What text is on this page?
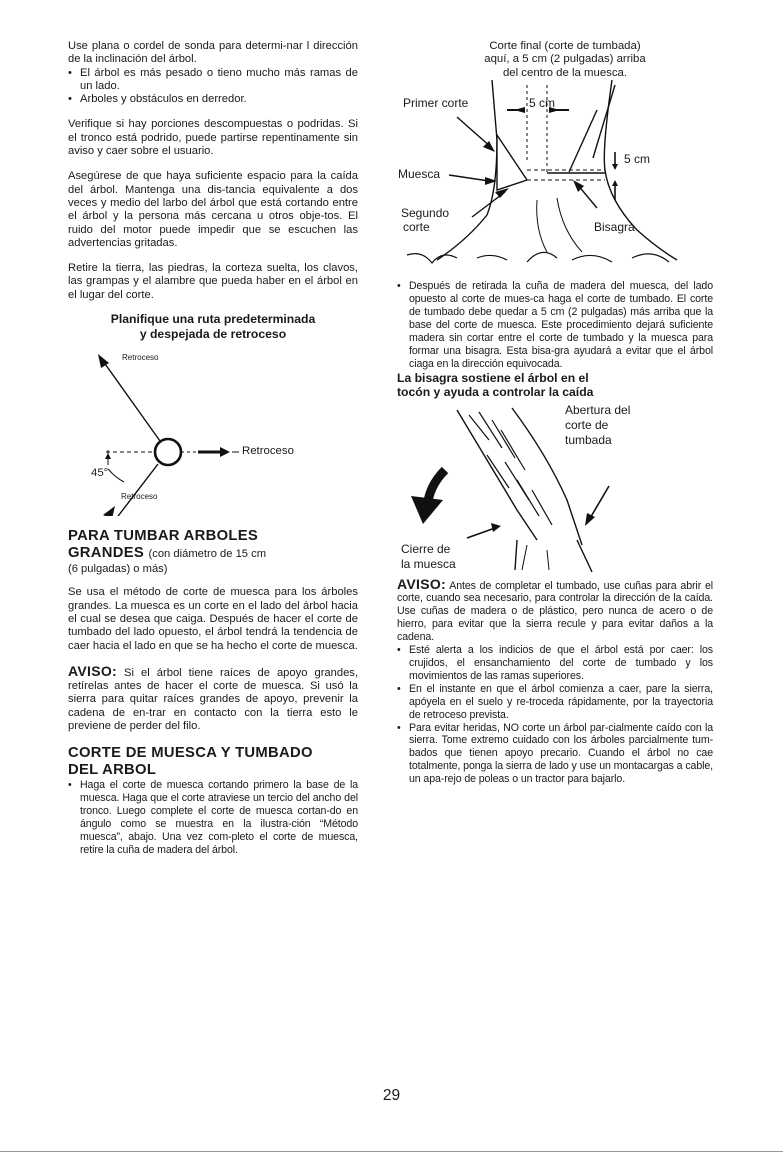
Use plana o cordel de sonda para determi-nar l dirección de la inclinación del árbol.

• El árbol es más pesado o tieno mucho más ramas de un lado.
• Arboles y obstáculos en derredor.

Verifique si hay porciones descompuestas o podridas. Si el tronco está podrido, puede partirse repentinamente sin aviso y caer sobre el usuario.

Asegúrese de que haya suficiente espacio para la caída del árbol. Mantenga una dis-tancia equivalente a dos veces y medio del larbo del árbol que está cortando entre el árbol y la persona más cercana u otros obje-tos. El ruido del motor puede impedir que se escuchen las advertencias gritadas.

Retire la tierra, las piedras, la corteza suelta, los clavos, las grampas y el alambre que pueda haber en el árbol en el lugar del corte.

Planifique una ruta predeterminada
y despejada de retroceso
Retroceso
Retroceso
45°
Retroceso
PARA TUMBAR ARBOLES
GRANDES (con diámetro de 15 cm

(6 pulgadas) o más)

Se usa el método de corte de muesca para los árboles grandes. La muesca es un corte en el lado del árbol hacia el cual se desea que caiga. Después de hacer el corte de tumbado del lado opuesto, el árbol tendrá la tendencia de caer hacia el lado en que se ha hecho el corte de muesca.

AVISO: Si el árbol tiene raíces de apoyo grandes, retírelas antes de hacer el corte de muesca. Si usó la sierra para quitar raíces grandes de apoyo, prevenir la cadena de en-trar en contacto con la tierra esto le previene de perder del filo.

CORTE DE MUESCA Y TUMBADO
DEL ARBOL
• Haga el corte de muesca cortando primero la base de la muesca. Haga que el corte atraviese un tercio del ancho del tronco. Luego complete el corte de muesca cortan-do en ángulo como se muestra en la ilustra-ción “Método muesca”, abajo. Una vez com-pleto el corte de muesca, retire la cuña de madera del árbol.
Corte final (corte de tumbada)
aquí, a 5 cm (2 pulgadas) arriba
del centro de la muesca.
Primer corte	5 cm
5 cm
Muesca
Segundo
corte	Bisagra
• Después de retirada la cuña de madera del muesca, del lado opuesto al corte de mues-ca haga el corte de tumbado. El corte de tumbado debe quedar a 5 cm (2 pulgadas) más arriba que la base del corte de muesca. Este procedimiento dejará suficiente madera sin cortar entre el corte de tumbado y la muesca para formar una bisagra. Esta bisa-gra ayudará a evitar que el árbol ciaga en la dirección equivocada.
La bisagra sostiene el árbol en el
tocón y ayuda a controlar la caída
Abertura del
corte de
tumbada
Cierre de
la muesca

AVISO: Antes de completar el tumbado, use cuñas para abrir el corte, cuando sea necesario, para controlar la dirección de la caída. Use cuñas de madera o de plástico, pero nunca de acero o de hierro, para evitar que la sierra recule y para evitar daños a la cadena.

• Esté alerta a los indicios de que el árbol está por caer: los crujidos, el ensanchamiento del corte de tumbado y los movimientos de las ramas superiores.
• En el instante en que el árbol comienza a caer, pare la sierra, apóyela en el suelo y re-troceda rápidamente, por la trayectoria de retroceso prevista.
• Para evitar heridas, NO corte un árbol par-cialmente caído con la sierra. Tome extremo cuidado con los árboles parcialmente tum-bados que tienen apoyo precario. Cuando el árbol no cae totalmente, ponga la sierra de lado y use un montacargas a cable, un apa-rejo de poleas o un tractor para bajarlo.
29
